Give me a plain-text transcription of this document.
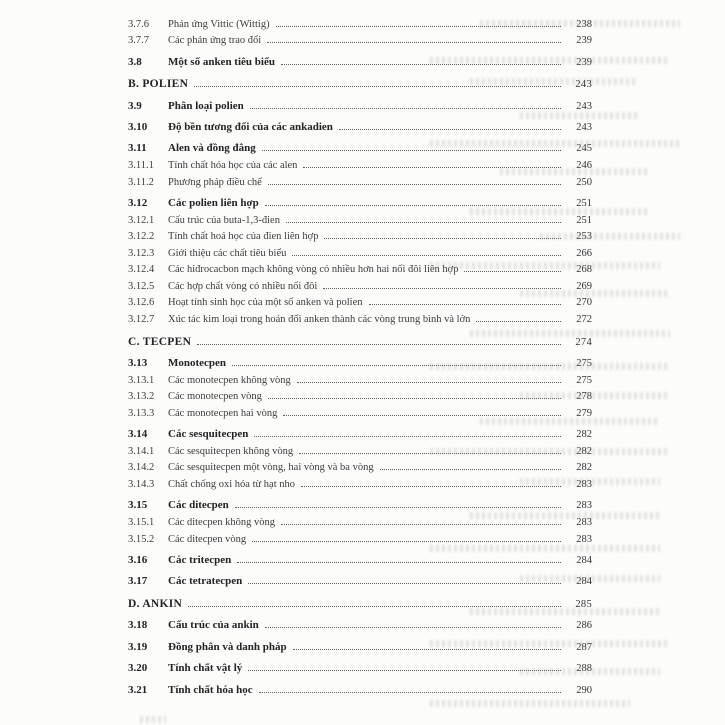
3.7.6	Phản ứng Vittic (Wittig)	238
3.7.7	Các phản ứng trao đổi	239
3.8	Một số anken tiêu biểu	239
B. POLIEN	243
3.9	Phân loại polien	243
3.10	Độ bền tương đối của các ankadien	243
3.11	Alen và đồng đẳng	245
3.11.1	Tính chất hóa học của các alen	246
3.11.2	Phương pháp điều chế	250
3.12	Các polien liên hợp	251
3.12.1	Cấu trúc của buta-1,3-đien	251
3.12.2	Tính chất hoá học của đien liên hợp	253
3.12.3	Giới thiệu các chất tiêu biểu	266
3.12.4	Các hiđrocacbon mạch không vòng có nhiều hơn hai nối đôi liên hợp	268
3.12.5	Các hợp chất vòng có nhiều nối đôi	269
3.12.6	Hoạt tính sinh học của một số anken và polien	270
3.12.7	Xúc tác kim loại trong hoán đổi anken thành các vòng trung bình và lớn	272
C. TECPEN	274
3.13	Monotecpen	275
3.13.1	Các monotecpen không vòng	275
3.13.2	Các monotecpen vòng	278
3.13.3	Các monotecpen hai vòng	279
3.14	Các sesquitecpen	282
3.14.1	Các sesquitecpen không vòng	282
3.14.2	Các sesquitecpen một vòng, hai vòng và ba vòng	282
3.14.3	Chất chống oxi hóa từ hạt nho	283
3.15	Các ditecpen	283
3.15.1	Các ditecpen không vòng	283
3.15.2	Các ditecpen vòng	283
3.16	Các tritecpen	284
3.17	Các tetratecpen	284
D. ANKIN	285
3.18	Cấu trúc của ankin	286
3.19	Đồng phân và danh pháp	287
3.20	Tính chất vật lý	288
3.21	Tính chất hóa học	290
